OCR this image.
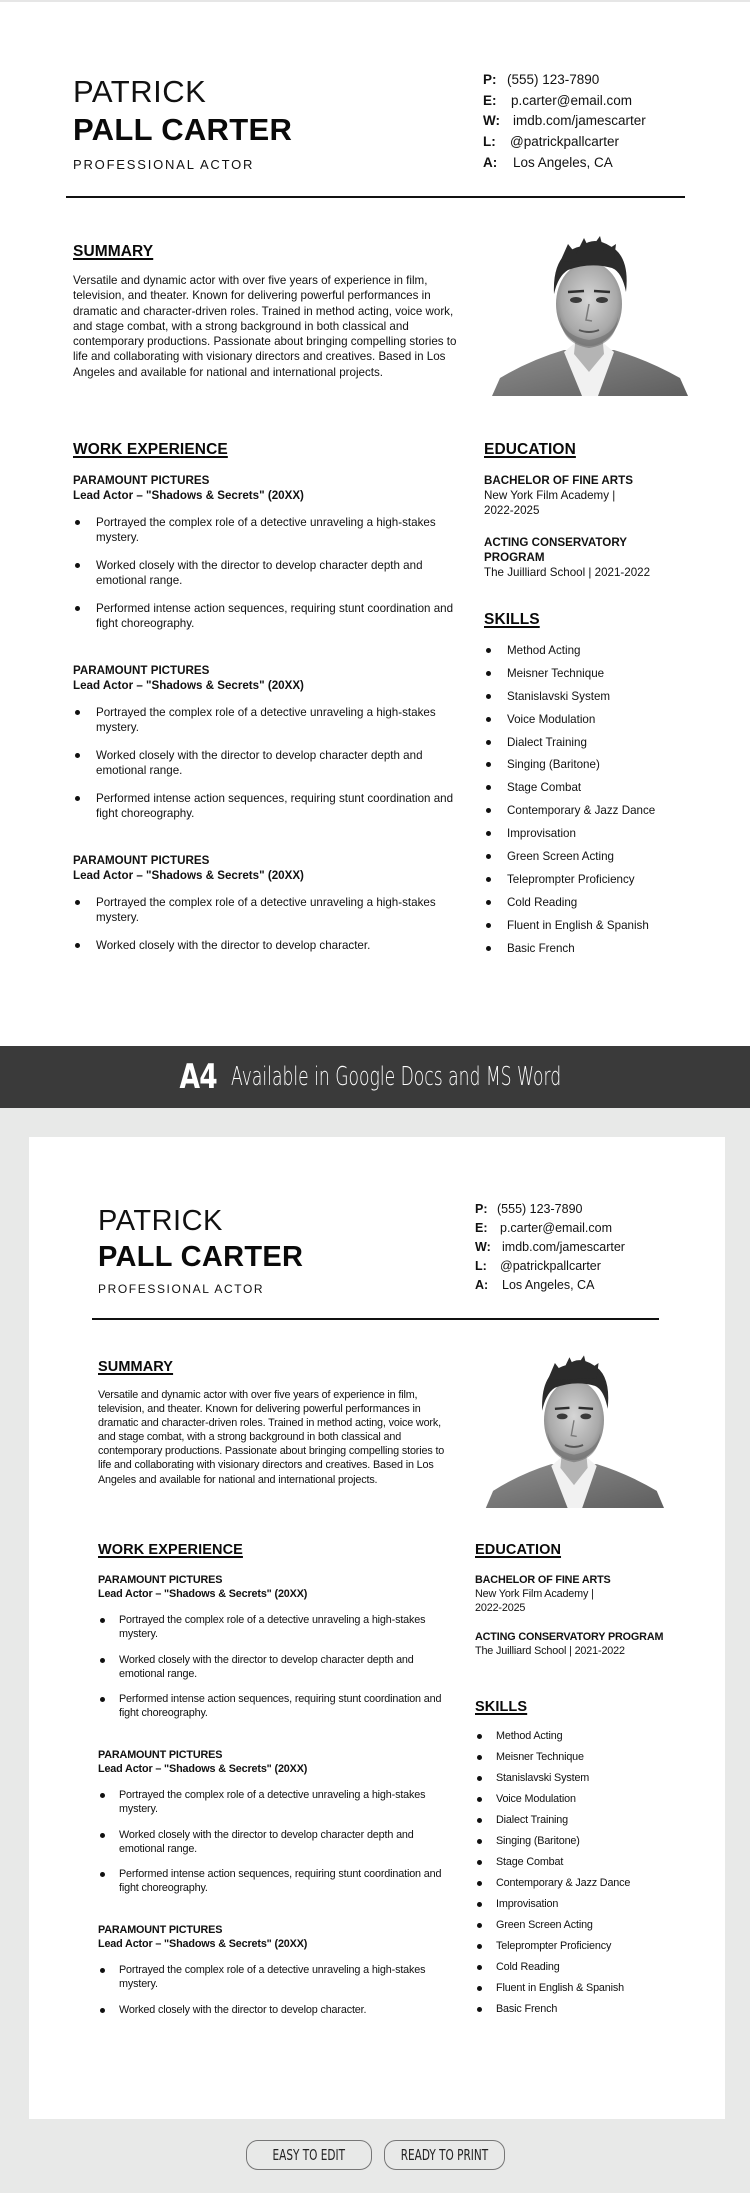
PATRICK
PALL CARTER
PROFESSIONAL ACTOR
P: (555) 123-7890
E: p.carter@email.com
W: imdb.com/jamescarter
L: @patrickpallcarter
A: Los Angeles, CA
SUMMARY
Versatile and dynamic actor with over five years of experience in film, television, and theater. Known for delivering powerful performances in dramatic and character-driven roles. Trained in method acting, voice work, and stage combat, with a strong background in both classical and contemporary productions. Passionate about bringing compelling stories to life and collaborating with visionary directors and creatives. Based in Los Angeles and available for national and international projects.
WORK EXPERIENCE
PARAMOUNT PICTURES
Lead Actor – "Shadows & Secrets" (20XX)
Portrayed the complex role of a detective unraveling a high-stakes mystery.
Worked closely with the director to develop character depth and emotional range.
Performed intense action sequences, requiring stunt coordination and fight choreography.
PARAMOUNT PICTURES
Lead Actor – "Shadows & Secrets" (20XX)
Portrayed the complex role of a detective unraveling a high-stakes mystery.
Worked closely with the director to develop character depth and emotional range.
Performed intense action sequences, requiring stunt coordination and fight choreography.
PARAMOUNT PICTURES
Lead Actor – "Shadows & Secrets" (20XX)
Portrayed the complex role of a detective unraveling a high-stakes mystery.
Worked closely with the director to develop character.
EDUCATION
BACHELOR OF FINE ARTS
New York Film Academy |
2022-2025
ACTING CONSERVATORY PROGRAM
The Juilliard School | 2021-2022
SKILLS
Method Acting
Meisner Technique
Stanislavski System
Voice Modulation
Dialect Training
Singing (Baritone)
Stage Combat
Contemporary & Jazz Dance
Improvisation
Green Screen Acting
Teleprompter Proficiency
Cold Reading
Fluent in English & Spanish
Basic French
A4 Available in Google Docs and MS Word
PATRICK
PALL CARTER
PROFESSIONAL ACTOR
P: (555) 123-7890
E: p.carter@email.com
W: imdb.com/jamescarter
L: @patrickpallcarter
A: Los Angeles, CA
SUMMARY
Versatile and dynamic actor with over five years of experience in film, television, and theater. Known for delivering powerful performances in dramatic and character-driven roles. Trained in method acting, voice work, and stage combat, with a strong background in both classical and contemporary productions. Passionate about bringing compelling stories to life and collaborating with visionary directors and creatives. Based in Los Angeles and available for national and international projects.
WORK EXPERIENCE
PARAMOUNT PICTURES
Lead Actor – "Shadows & Secrets" (20XX)
Portrayed the complex role of a detective unraveling a high-stakes mystery.
Worked closely with the director to develop character depth and emotional range.
Performed intense action sequences, requiring stunt coordination and fight choreography.
PARAMOUNT PICTURES
Lead Actor – "Shadows & Secrets" (20XX)
Portrayed the complex role of a detective unraveling a high-stakes mystery.
Worked closely with the director to develop character depth and emotional range.
Performed intense action sequences, requiring stunt coordination and fight choreography.
PARAMOUNT PICTURES
Lead Actor – "Shadows & Secrets" (20XX)
Portrayed the complex role of a detective unraveling a high-stakes mystery.
Worked closely with the director to develop character.
EDUCATION
BACHELOR OF FINE ARTS
New York Film Academy |
2022-2025
ACTING CONSERVATORY PROGRAM
The Juilliard School | 2021-2022
SKILLS
Method Acting
Meisner Technique
Stanislavski System
Voice Modulation
Dialect Training
Singing (Baritone)
Stage Combat
Contemporary & Jazz Dance
Improvisation
Green Screen Acting
Teleprompter Proficiency
Cold Reading
Fluent in English & Spanish
Basic French
EASY TO EDIT	READY TO PRINT
